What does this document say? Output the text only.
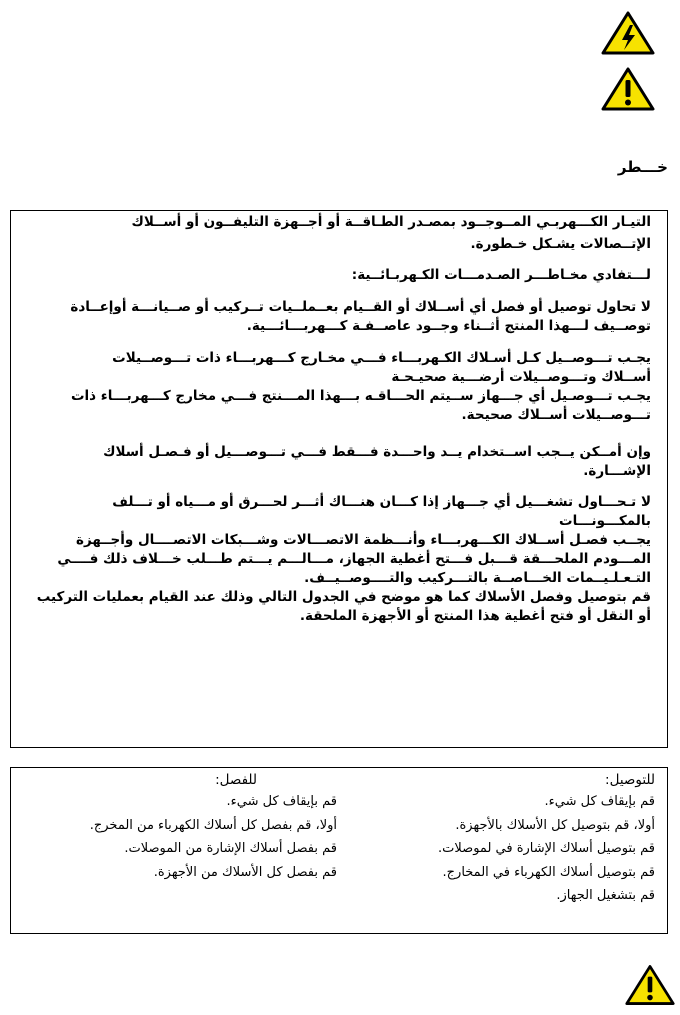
خـــطر
التيـار الكـــهربـي المــوجــود بمصـدر الطـاقــة أو أجــهزة التليفــون أو أســلاك
الإتــصالات يشـكل خـطورة.
لـــتفادي مخـاطـــر الصـدمـــات الكـهربـائــية:
لا تحاول توصيل أو فصل أي أســلاك أو القــيام بعــملــيات تــركيب أو صــيانـــة أوإعــادة
توصــيف لـــهذا المنتج أثــناء وجــود عاصــفـة كـــهربـــائـــية.
يجـب تـــوصــيل كـل أسـلاك الكـهربـــاء فـــي مخـارج كـــهربـــاء ذات تـــوصــيلات
أســلاك وتـــوصــيلات أرضـــية صحيـحـة
يجـب تـــوصـيل أي جـــهاز ســيتم الحـــاقـه بـــهذا المـــنتج فـــي مخارج كـــهربـــاء ذات
تـــوصــيلات أســلاك صحيحة.
وإن أمــكن يــجب اســتخدام يــد واحـــدة فـــقط فـــي تـــوصـــيل أو فـصـل أسلاك
الإشـــارة.
لا تـحـــاول تشغـــيل أي جـــهاز إذا كـــان هنـــاك أثـــر لحـــرق أو مـــياه أو تـــلف
بالمكـــونـــات
يجــب فصـل أســلاك الكـــهربـــاء وأنـــظمة الاتصـــالات وشـــبكات الاتصــــال وأجــهزة
المـــودم الملحـــقة قـــبل فـــتح أغطية الجهاز، مـــالـــم يـــتم طـــلب خـــلاف ذلك فــــي
التـعـلـيــمات الخـــاصــة بالتـــركيب والتــــوصــيــف.
قم بتوصيل وفصل الأسلاك كما هو موضح في الجدول التالي وذلك عند القيام بعمليات التركيب
أو النقل أو فتح أغطية هذا المنتج أو الأجهزة الملحقة.
للتوصيل:
قم بإيقاف كل شيء.
أولا، قم بتوصيل كل الأسلاك بالأجهزة.
قم بتوصيل أسلاك الإشارة في لموصلات.
قم بتوصيل أسلاك الكهرباء في المخارج.
قم بتشغيل الجهاز.
للفصل:
قم بإيقاف كل شيء.
أولا، قم بفصل كل أسلاك الكهرباء من المخرج.
قم بفصل أسلاك الإشارة من الموصلات.
قم بفصل كل الأسلاك من الأجهزة.
